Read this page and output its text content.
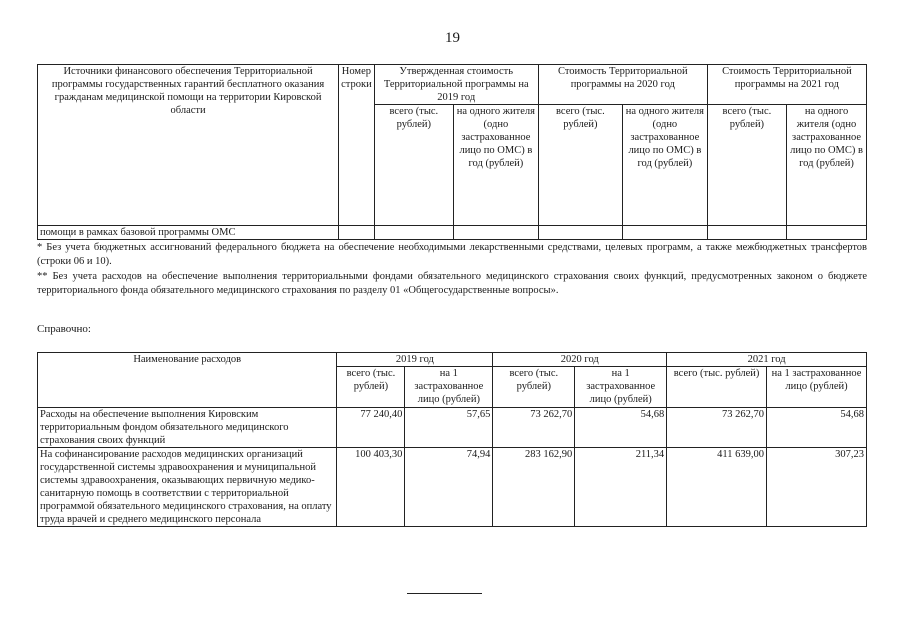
19
Источники финансового обеспечения Территориальной программы государственных гарантий бесплатного оказания гражданам медицинской помощи на территории Кировской области	Номер строки	Утвержденная стоимость Территориальной программы на 2019 год		Стоимость Территориальной программы на 2020 год		Стоимость Территориальной программы на 2021 год	
		всего (тыс. рублей)	на одного жителя (одно застрахованное лицо по ОМС) в год (рублей)	всего (тыс. рублей)	на одного жителя (одно застрахованное лицо по ОМС) в год (рублей)	всего (тыс. рублей)	на одного жителя (одно застрахованное лицо по ОМС) в год (рублей)
помощи в рамках базовой программы ОМС							
* Без учета бюджетных ассигнований федерального бюджета на обеспечение необходимыми лекарственными средствами, целевых программ, а также межбюджетных трансфертов (строки 06 и 10).
** Без учета расходов на обеспечение выполнения территориальными фондами обязательного медицинского страхования своих функций, предусмотренных законом о бюджете территориального фонда обязательного медицинского страхования по разделу 01 «Общегосударственные вопросы».
Справочно:
Наименование расходов	2019 год		2020 год		2021 год	
	всего (тыс. рублей)	на 1 застрахованное лицо (рублей)	всего (тыс. рублей)	на 1 застрахованное лицо (рублей)	всего (тыс. рублей)	на 1 застрахованное лицо (рублей)
Расходы на обеспечение выполнения Кировским территориальным фондом обязательного медицинского страхования своих функций	77 240,40	57,65	73 262,70	54,68	73 262,70	54,68
На софинансирование расходов медицинских организаций государственной системы здравоохранения и муниципальной системы здравоохранения, оказывающих первичную медико-санитарную помощь в соответствии с территориальной программой обязательного медицинского страхования, на оплату труда врачей и среднего медицинского персонала	100 403,30	74,94	283 162,90	211,34	411 639,00	307,23
